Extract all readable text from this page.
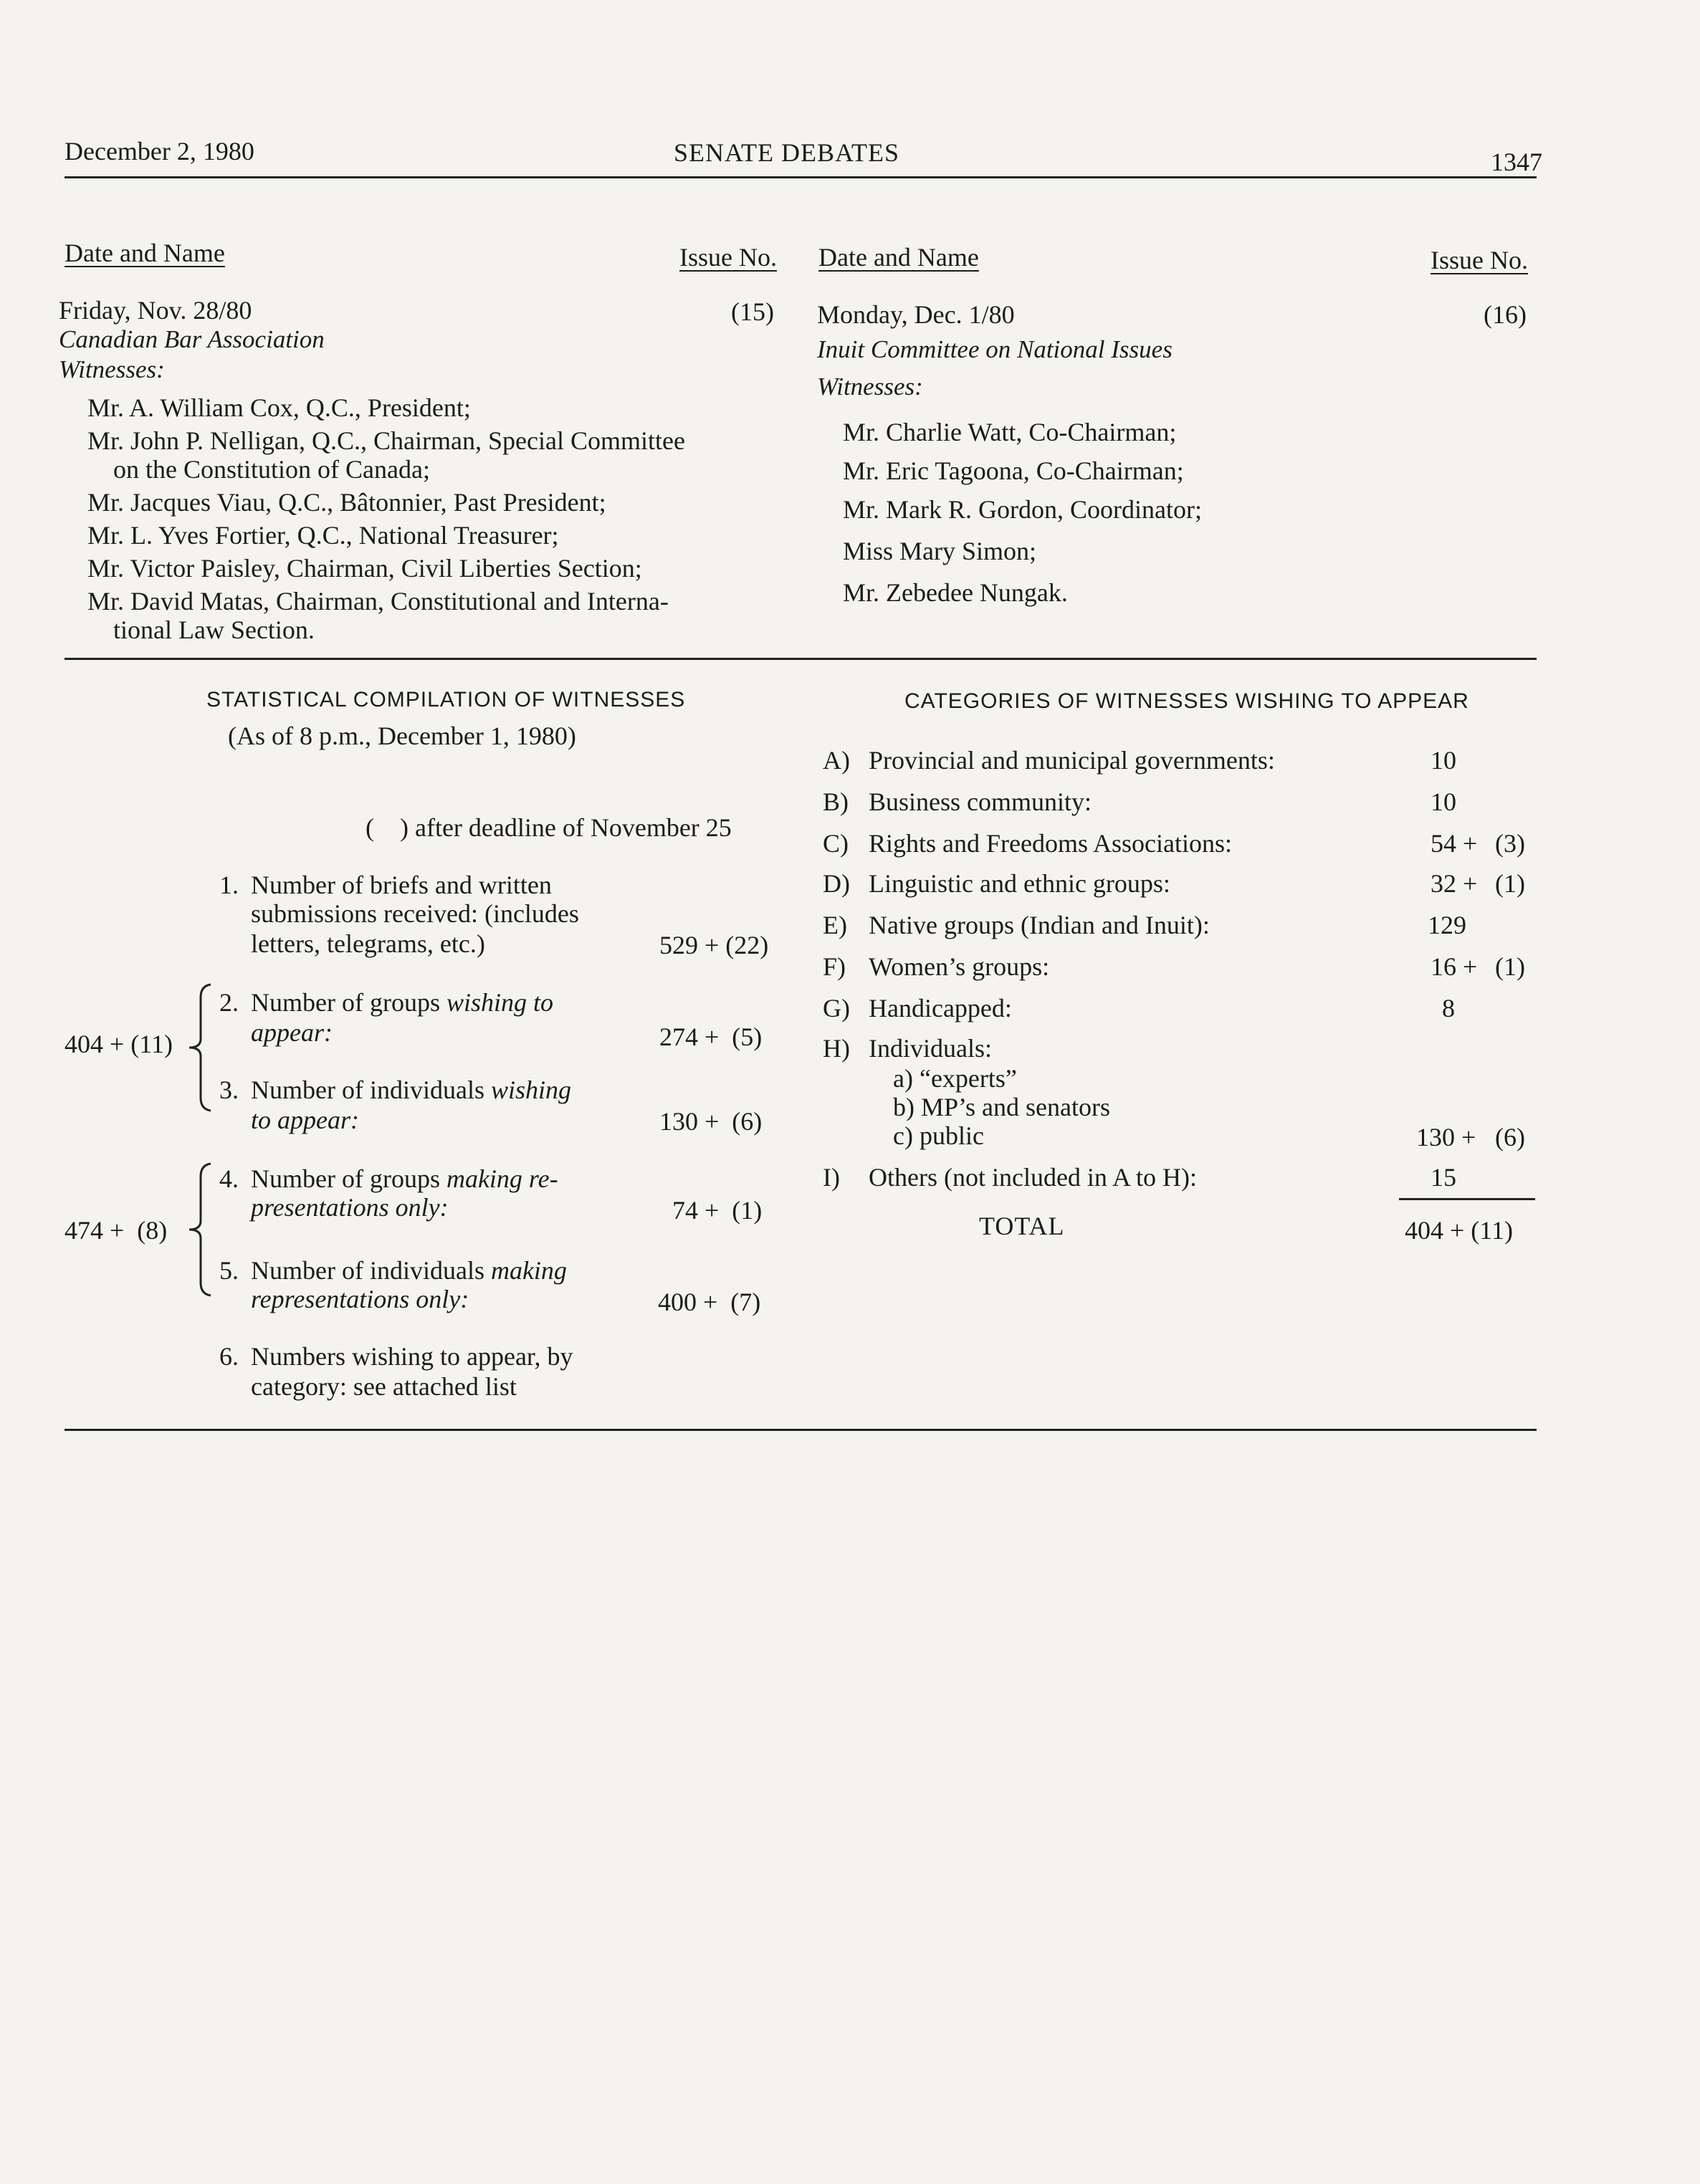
December 2, 1980	SENATE DEBATES	1347
Date and Name	Issue No.
Friday, Nov. 28/80	(15)
Canadian Bar Association
Witnesses:
Mr. A. William Cox, Q.C., President;
Mr. John P. Nelligan, Q.C., Chairman, Special Committee
on the Constitution of Canada;
Mr. Jacques Viau, Q.C., Bâtonnier, Past President;
Mr. L. Yves Fortier, Q.C., National Treasurer;
Mr. Victor Paisley, Chairman, Civil Liberties Section;
Mr. David Matas, Chairman, Constitutional and Interna-
tional Law Section.
Date and Name	Issue No.
Monday, Dec. 1/80	(16)
Inuit Committee on National Issues
Witnesses:
Mr. Charlie Watt, Co-Chairman;
Mr. Eric Tagoona, Co-Chairman;
Mr. Mark R. Gordon, Coordinator;
Miss Mary Simon;
Mr. Zebedee Nungak.
STATISTICAL COMPILATION OF WITNESSES
(As of 8 p.m., December 1, 1980)
(    ) after deadline of November 25
1. Number of briefs and written
submissions received: (includes
letters, telegrams, etc.)	529 + (22)
2. Number of groups wishing to
appear:	274 +  (5)
3. Number of individuals wishing
to appear:	130 +  (6)
404 + (11)
4. Number of groups making re-
presentations only:	74 +  (1)
5. Number of individuals making
representations only:	400 +  (7)
474 +  (8)
6. Numbers wishing to appear, by
category: see attached list
CATEGORIES OF WITNESSES WISHING TO APPEAR
A) Provincial and municipal governments:	10
B) Business community:	10
C) Rights and Freedoms Associations:	54 + (3)
D) Linguistic and ethnic groups:	32 + (1)
E) Native groups (Indian and Inuit):	129
F) Women’s groups:	16 + (1)
G) Handicapped:	8
H) Individuals:
a) “experts”
b) MP’s and senators
c) public	130 + (6)
I) Others (not included in A to H):	15
TOTAL	404 + (11)
